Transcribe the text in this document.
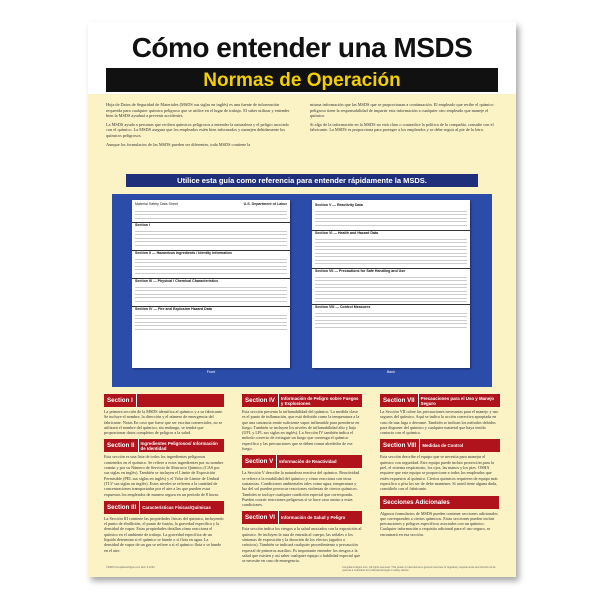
Cómo entender una MSDS
Normas de Operación

Hoja de Datos de Seguridad de Materiales (MSDS sus siglas en inglés) es una fuente de información requerida para cualquier químico peligroso que se utilice en el lugar de trabajo. El saber utilizar y entender bien la MSDS ayudará a prevenir accidentes.

La MSDS ayuda a personas que reciben químicos peligrosos a entender la naturaleza y el peligro asociado con el químico. La MSDS asegura que los empleados estén bien informados y manejen debidamente los químicos peligrosos.

Aunque los formularios de las MSDS pueden ser diferentes, toda MSDS contiene la

misma información que las MSDS que se proporcionan a continuación. El empleado que recibe el químico peligroso tiene la responsabilidad de impartir esta información a cualquier otro empleado que maneje el químico.

Si algo de la información en la MSDS no está claro o contradice la política de la compañía, consulte con el fabricante. La MSDS es proporciona para proteger a los empleados y se debe seguir al pie de la letra.

Utilice esta guía como referencia para entender rápidamente la MSDS.
Material Safety Data Sheet	U.S. Department of Labor
Section I
Section II — Hazardous Ingredients / Identity Information
Section III — Physical / Chemical Characteristics
Section IV — Fire and Explosion Hazard Data
Front
Section V — Reactivity Data
Section VI — Health and Hazard Data
Section VII — Precautions for Safe Handling and Use
Section VIII — Control Measures
Back
Section I
La primera sección de la MSDS identifica al químico y a su fabricante. Se incluye el nombre, la dirección y el número de emergencia del fabricante. Notas En caso que fuese que ser escritas comerciales, no se utilizará el nombre del químico; sin embargo, se tendrá que proporcionar datos completos de peligros a la salud.
Section II	Ingredientes Peligrosos/ Información de Identidad
Esta sección es una lista de todos los ingredientes peligrosos contenidos en el químico. Se refiere a estos ingredientes por su nombre común y por su Número de Servicio de Abstracto Químico (CAS por sus siglas en inglés). También se incluyen el Límite de Exposición Permisible (PEL sus siglas en inglés) y el Valor de Límite de Umbral (TLV sus siglas en inglés). Estos niveles se refieren a la cantidad de concentraciones transportadas por el aire a las que pueden estar expuestos los empleados de manera segura en un período de 8 horas.
Section III	Características Físicas/Químicas
La Sección III contiene las propiedades físicas del químico, incluyendo el punto de ebullición, el punto de fusión, la gravedad específica y la densidad de vapor. Estas propiedades detallan cómo reacciona el químico en el ambiente de trabajo. La gravedad específica de un líquido determina si el químico se hunde o si flota en agua. La densidad de vapor de un gas se refiere a si el químico flota o se hunde en el aire.
Section IV	Información de Peligro sobre Fuegos y Explosiones
Esta sección presenta la inflamabilidad del químico. La medida clave es el punto de inflamación, que está definido como la temperatura a la que una sustancia emite suficiente vapor inflamable para prenderse en fuego. También se incluyen los niveles de inflamabilidad alto y bajo (UFL y LFL sus siglas en inglés). La Sección IV también indica el método correcto de extinguir un fuego que contenga el químico específico y las precauciones que se deben tomar alrededor de ese fuego.
Section V	Información de Reactividad
La Sección V describe la naturaleza reactiva del químico. Reactividad se refiere a la estabilidad del químico y cómo reacciona con otras sustancias. Condiciones ambientales tales como agua, temperatura y luz del sol pueden provocar reacciones violentas de ciertos químicos. También se incluye cualquier condición especial que corresponda. Pueden ocurrir reacciones peligrosas si se hace caso omiso a estas condiciones.
Section VI	Información de Salud y Peligro
Esta sección indica los riesgos a la salud asociados con la exposición al químico. Se incluyen la ruta de entrada al cuerpo, las señales o los síntomas de exposición y la duración de los efectos (agudos o crónicos). También se indicará cualquier procedimiento o precaución especial de primeros auxilios. Es importante entender los riesgos a la salud que existen y así saber cualquier equipo o habilidad especial que se necesite en caso de emergencia.
Section VII	Precauciones para el Uso y Manejo Seguro
La Sección VII cubre las precauciones necesarias para el manejo y uso seguros del químico. Aquí se indica la acción correctiva apropiada en caso de una fuga o derrame. También se indican los métodos debidos para disponer del químico y cualquier material que haya tenido contacto con el químico.
Section VIII	Medidas de Control
Esta sección describe el equipo que se necesita para manejar el químico con seguridad. Este equipo puede incluir protección para la piel, el sistema respiratorio, los ojos, las manos y los pies. OSHA requiere que este equipo se proporcione a todos los empleados que estén expuestos al químico. Ciertos químicos requieren de equipo más especifico o pfra los ser de debe mantener. Si usted tiene alguna duda, consúltelo con el fabricante.
Secciones Adicionales
Algunos formularios de MSDS pueden contener secciones adicionales que corresponden a ciertos químicos. Estas secciones pueden incluir precauciones y peligros específicos asociados con un químico. Cualquier información o requisito adicional para el uso seguro, se encontrará en esa sección.
©2009 ComplianceSigns.com Item # 1234	ComplianceSigns.com. All rights reserved. This poster is intended as a general overview of regulatory requirements and should not be used as a substitute for professional legal or safety advice.
